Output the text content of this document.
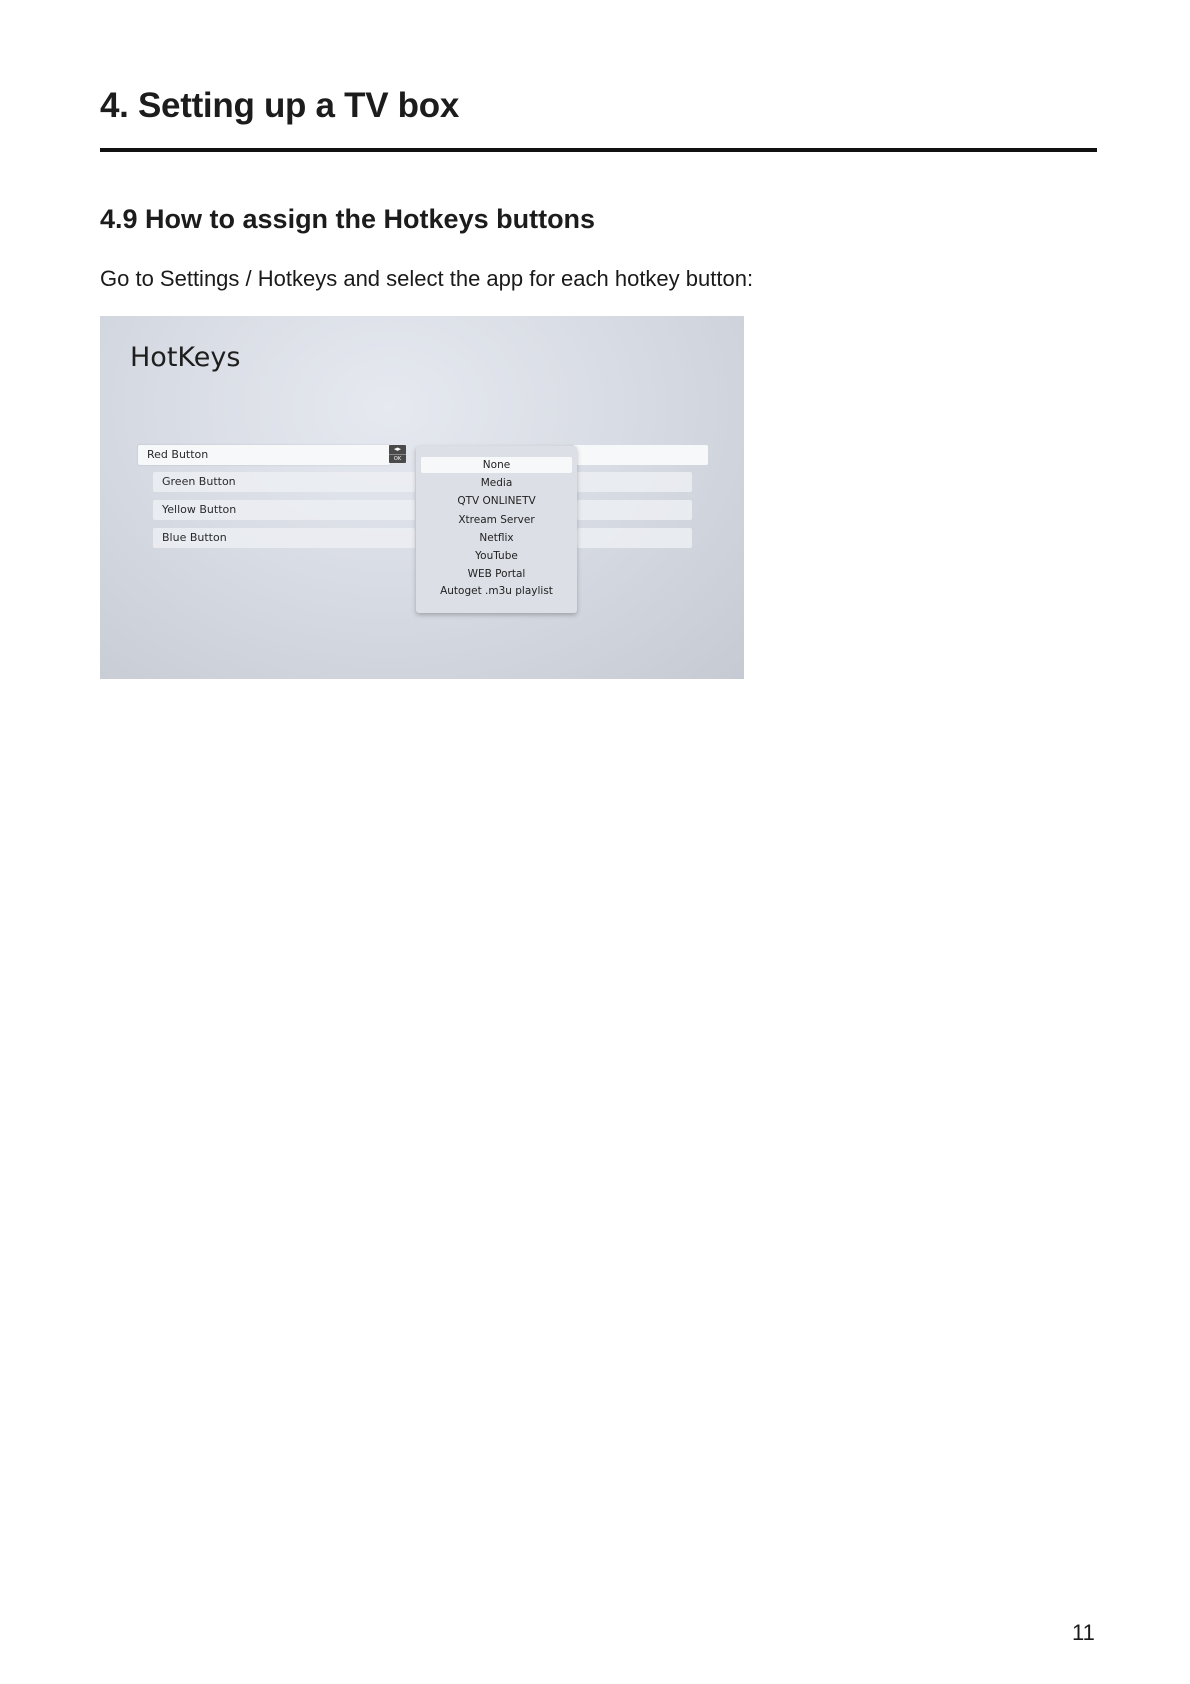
4. Setting up a TV box
4.9 How to assign the Hotkeys buttons

Go to Settings / Hotkeys and select the app for each hotkey button:

HotKeys
Red Button
Green Button
Yellow Button
Blue Button
◂▸
OK	None
Media
QTV ONLINETV
Xtream Server
Netflix
YouTube
WEB Portal
Autoget .m3u playlist
11
